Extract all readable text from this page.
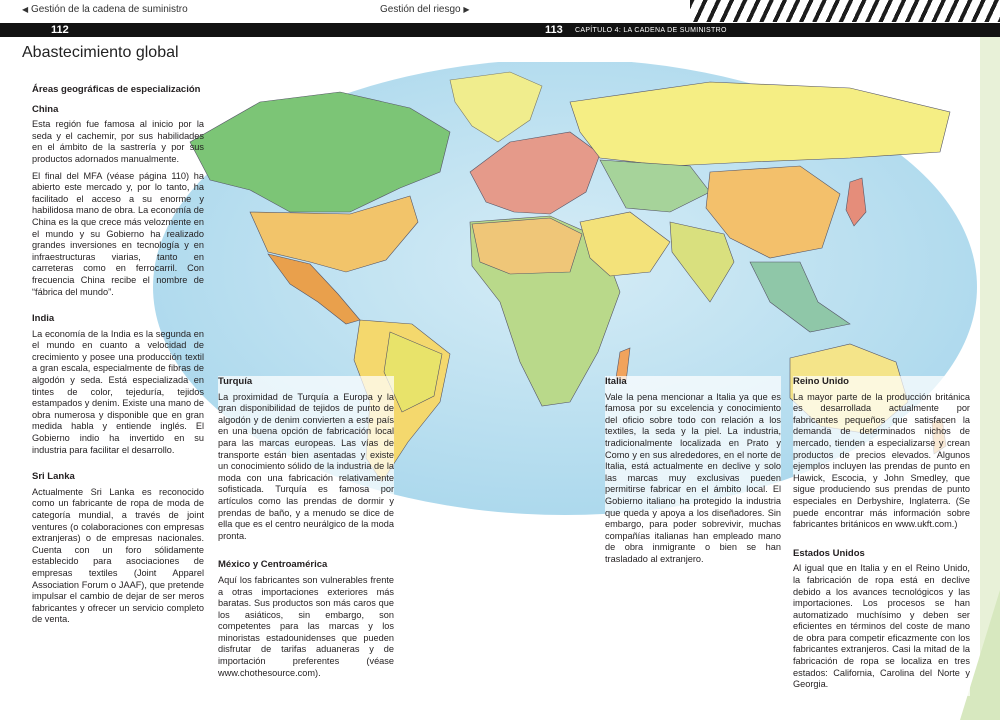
◀ Gestión de la cadena de suministro	Gestión del riesgo ▶
112	113 CAPÍTULO 4: LA CADENA DE SUMINISTRO
Abastecimiento global
Áreas geográficas de especialización
China

Esta región fue famosa al inicio por la seda y el cachemir, por sus habilidades en el ámbito de la sastrería y por sus productos adornados manualmente.

El final del MFA (véase página 110) ha abierto este mercado y, por lo tanto, ha facilitado el acceso a su enorme y habilidosa mano de obra. La economía de China es la que crece más velozmente en el mundo y su Gobierno ha realizado grandes inversiones en tecnología y en infraestructuras viarias, tanto en carreteras como en ferrocarril. Con frecuencia China recibe el nombre de “fábrica del mundo”.

India

La economía de la India es la segunda en el mundo en cuanto a velocidad de crecimiento y posee una producción textil a gran escala, especialmente de fibras de algodón y seda. Está especializada en tintes de color, tejeduría, tejidos estampados y denim. Existe una mano de obra numerosa y disponible que en gran medida habla y entiende inglés. El Gobierno indio ha invertido en su industria para facilitar el desarrollo.

Sri Lanka

Actualmente Sri Lanka es reconocido como un fabricante de ropa de moda de categoría mundial, a través de joint ventures (o colaboraciones con empresas extranjeras) o de empresas nacionales. Cuenta con un foro sólidamente establecido para asociaciones de empresas textiles (Joint Apparel Association Forum o JAAF), que pretende impulsar el cambio de dejar de ser meros fabricantes y ofrecer un servicio completo de venta.

Turquía

La proximidad de Turquía a Europa y la gran disponibilidad de tejidos de punto de algodón y de denim convierten a este país en una buena opción de fabricación local para las marcas europeas. Las vías de transporte están bien asentadas y existe un conocimiento sólido de la industria de la moda con una fabricación relativamente sofisticada. Turquía es famosa por artículos como las prendas de dormir y prendas de baño, y a menudo se dice de ella que es el centro neurálgico de la moda pronta.

México y Centroamérica

Aquí los fabricantes son vulnerables frente a otras importaciones exteriores más baratas. Sus productos son más caros que los asiáticos, sin embargo, son competentes para las marcas y los minoristas estadounidenses que pueden disfrutar de tarifas aduaneras y de importación preferentes (véase www.chothesource.com).

Italia

Vale la pena mencionar a Italia ya que es famosa por su excelencia y conocimiento del oficio sobre todo con relación a los textiles, la seda y la piel. La industria, tradicionalmente localizada en Prato y Como y en sus alrededores, en el norte de Italia, está actualmente en declive y solo las marcas muy exclusivas pueden permitirse fabricar en el ámbito local. El Gobierno italiano ha protegido la industria que queda y apoya a los diseñadores. Sin embargo, para poder sobrevivir, muchas compañías italianas han empleado mano de obra inmigrante o bien se han trasladado al extranjero.

Reino Unido

La mayor parte de la producción británica es desarrollada actualmente por fabricantes pequeños que satisfacen la demanda de determinados nichos de mercado, tienden a especializarse y crean productos de precios elevados. Algunos ejemplos incluyen las prendas de punto en Hawick, Escocia, y John Smedley, que sigue produciendo sus prendas de punto especiales en Derbyshire, Inglaterra. (Se puede encontrar más información sobre fabricantes británicos en www.ukft.com.)

Estados Unidos

Al igual que en Italia y en el Reino Unido, la fabricación de ropa está en declive debido a los avances tecnológicos y las importaciones. Los procesos se han automatizado muchísimo y deben ser eficientes en términos del coste de mano de obra para competir eficazmente con los fabricantes extranjeros. Casi la mitad de la fabricación de ropa se localiza en tres estados: California, Carolina del Norte y Georgia.
